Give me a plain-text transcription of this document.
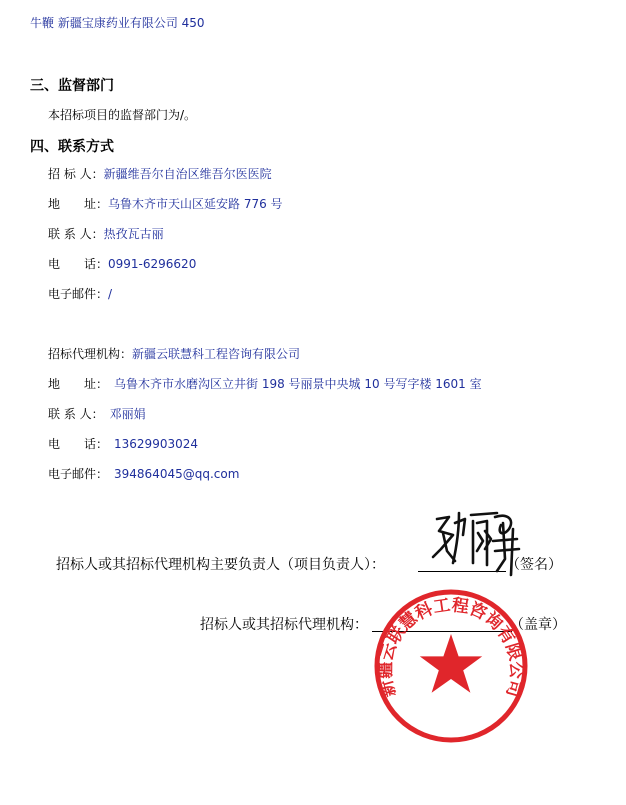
牛鞭 新疆宝康药业有限公司 450
三、监督部门
本招标项目的监督部门为/。
四、联系方式
招 标 人：新疆维吾尔自治区维吾尔医医院
地　　址：乌鲁木齐市天山区延安路 776 号
联 系 人：热孜瓦古丽
电　　话：0991-6296620
电子邮件：/
招标代理机构：新疆云联慧科工程咨询有限公司
地　　址： 乌鲁木齐市水磨沟区立井街 198 号丽景中央城 10 号写字楼 1601 室
联 系 人： 邓丽娟
电　　话： 13629903024
电子邮件： 394864045@qq.com
招标人或其招标代理机构主要负责人（项目负责人）：	（签名）
招标人或其招标代理机构：	（盖章）
新疆云联慧科工程咨询有限公司
